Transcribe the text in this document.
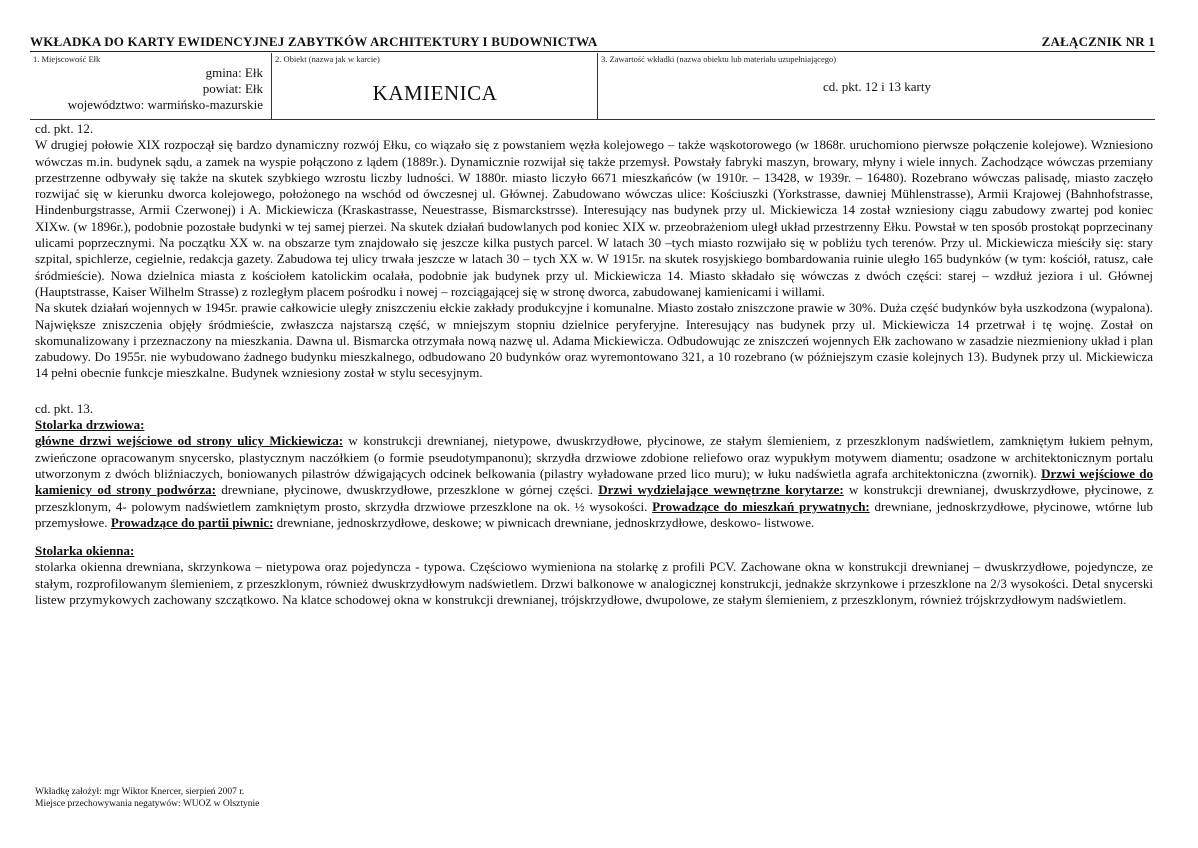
WKŁADKA DO KARTY EWIDENCYJNEJ ZABYTKÓW ARCHITEKTURY I BUDOWNICTWA	ZAŁĄCZNIK NR 1
1. Miejscowość Ełk
gmina: Ełk
powiat: Ełk
województwo: warmińsko-mazurskie
2. Obiekt (nazwa jak w karcie)
KAMIENICA
3. Zawartość wkładki (nazwa obiektu lub materiału uzupełniającego)
cd. pkt. 12 i 13 karty

cd. pkt. 12.

W drugiej połowie XIX rozpoczął się bardzo dynamiczny rozwój Ełku, co wiązało się z powstaniem węzła kolejowego – także wąskotorowego (w 1868r. uruchomiono pierwsze połączenie kolejowe). Wzniesiono wówczas m.in. budynek sądu, a zamek na wyspie połączono z lądem (1889r.). Dynamicznie rozwijał się także przemysł. Powstały fabryki maszyn, browary, młyny i wiele innych. Zachodzące wówczas przemiany przestrzenne odbywały się także na skutek szybkiego wzrostu liczby ludności. W 1880r. miasto liczyło 6671 mieszkańców (w 1910r. – 13428, w 1939r. – 16480). Rozebrano wówczas palisadę, miasto zaczęło rozwijać się w kierunku dworca kolejowego, położonego na wschód od ówczesnej ul. Głównej. Zabudowano wówczas ulice: Kościuszki (Yorkstrasse, dawniej Mühlenstrasse), Armii Krajowej (Bahnhofstrasse, Hindenburgstrasse, Armii Czerwonej) i A. Mickiewicza (Kraskastrasse, Neuestrasse, Bismarckstrsse). Interesujący nas budynek przy ul. Mickiewicza 14 został wzniesiony ciągu zabudowy zwartej pod koniec XIXw. (w 1896r.), podobnie pozostałe budynki w tej samej pierzei. Na skutek działań budowlanych pod koniec XIX w. przeobrażeniom uległ układ przestrzenny Ełku. Powstał w ten sposób prostokąt poprzecinany ulicami poprzecznymi. Na początku XX w. na obszarze tym znajdowało się jeszcze kilka pustych parcel. W latach 30 –tych miasto rozwijało się w pobliżu tych terenów. Przy ul. Mickiewicza mieściły się: stary szpital, spichlerze, cegielnie, redakcja gazety. Zabudowa tej ulicy trwała jeszcze w latach 30 – tych XX w. W 1915r. na skutek rosyjskiego bombardowania ruinie uległo 165 budynków (w tym: kościół, ratusz, całe śródmieście). Nowa dzielnica miasta z kościołem katolickim ocalała, podobnie jak budynek przy ul. Mickiewicza 14. Miasto składało się wówczas z dwóch części: starej – wzdłuż jeziora i ul. Głównej (Hauptstrasse, Kaiser Wilhelm Strasse) z rozległym placem pośrodku i nowej – rozciągającej się w stronę dworca, zabudowanej kamienicami i willami.

Na skutek działań wojennych w 1945r. prawie całkowicie uległy zniszczeniu ełckie zakłady produkcyjne i komunalne. Miasto zostało zniszczone prawie w 30%. Duża część budynków była uszkodzona (wypalona). Największe zniszczenia objęły śródmieście, zwłaszcza najstarszą część, w mniejszym stopniu dzielnice peryferyjne. Interesujący nas budynek przy ul. Mickiewicza 14 przetrwał i tę wojnę. Został on skomunalizowany i przeznaczony na mieszkania. Dawna ul. Bismarcka otrzymała nową nazwę ul. Adama Mickiewicza. Odbudowując ze zniszczeń wojennych Ełk zachowano w zasadzie niezmieniony układ i plan zabudowy. Do 1955r. nie wybudowano żadnego budynku mieszkalnego, odbudowano 20 budynków oraz wyremontowano 321, a 10 rozebrano (w późniejszym czasie kolejnych 13). Budynek przy ul. Mickiewicza 14 pełni obecnie funkcje mieszkalne. Budynek wzniesiony został w stylu secesyjnym.

cd. pkt. 13.

Stolarka drzwiowa:

główne drzwi wejściowe od strony ulicy Mickiewicza: w konstrukcji drewnianej, nietypowe, dwuskrzydłowe, płycinowe, ze stałym ślemieniem, z przeszklonym nadświetlem, zamkniętym łukiem pełnym, zwieńczone opracowanym snycersko, plastycznym naczółkiem (o formie pseudotympanonu); skrzydła drzwiowe zdobione reliefowo oraz wypukłym motywem diamentu; osadzone w architektonicznym portalu utworzonym z dwóch bliźniaczych, boniowanych pilastrów dźwigających odcinek belkowania (pilastry wyładowane przed lico muru); w łuku nadświetla agrafa architektoniczna (zwornik). Drzwi wejściowe do kamienicy od strony podwórza: drewniane, płycinowe, dwuskrzydłowe, przeszklone w górnej części. Drzwi wydzielające wewnętrzne korytarze: w konstrukcji drewnianej, dwuskrzydłowe, płycinowe, z przeszklonym, 4- polowym nadświetlem zamkniętym prosto, skrzydła drzwiowe przeszklone na ok. ½ wysokości. Prowadzące do mieszkań prywatnych: drewniane, jednoskrzydłowe, płycinowe, wtórne lub przemysłowe. Prowadzące do partii piwnic: drewniane, jednoskrzydłowe, deskowe; w piwnicach drewniane, jednoskrzydłowe, deskowo- listwowe.

Stolarka okienna:

stolarka okienna drewniana, skrzynkowa – nietypowa oraz pojedyncza - typowa. Częściowo wymieniona na stolarkę z profili PCV. Zachowane okna w konstrukcji drewnianej – dwuskrzydłowe, pojedyncze, ze stałym, rozprofilowanym ślemieniem, z przeszklonym, również dwuskrzydłowym nadświetlem. Drzwi balkonowe w analogicznej konstrukcji, jednakże skrzynkowe i przeszklone na 2/3 wysokości. Detal snycerski listew przymykowych zachowany szczątkowo. Na klatce schodowej okna w konstrukcji drewnianej, trójskrzydłowe, dwupolowe, ze stałym ślemieniem, z przeszklonym, również trójskrzydłowym nadświetlem.

Wkładkę założył: mgr Wiktor Knercer, sierpień 2007 r.
Miejsce przechowywania negatywów: WUOZ w Olsztynie
